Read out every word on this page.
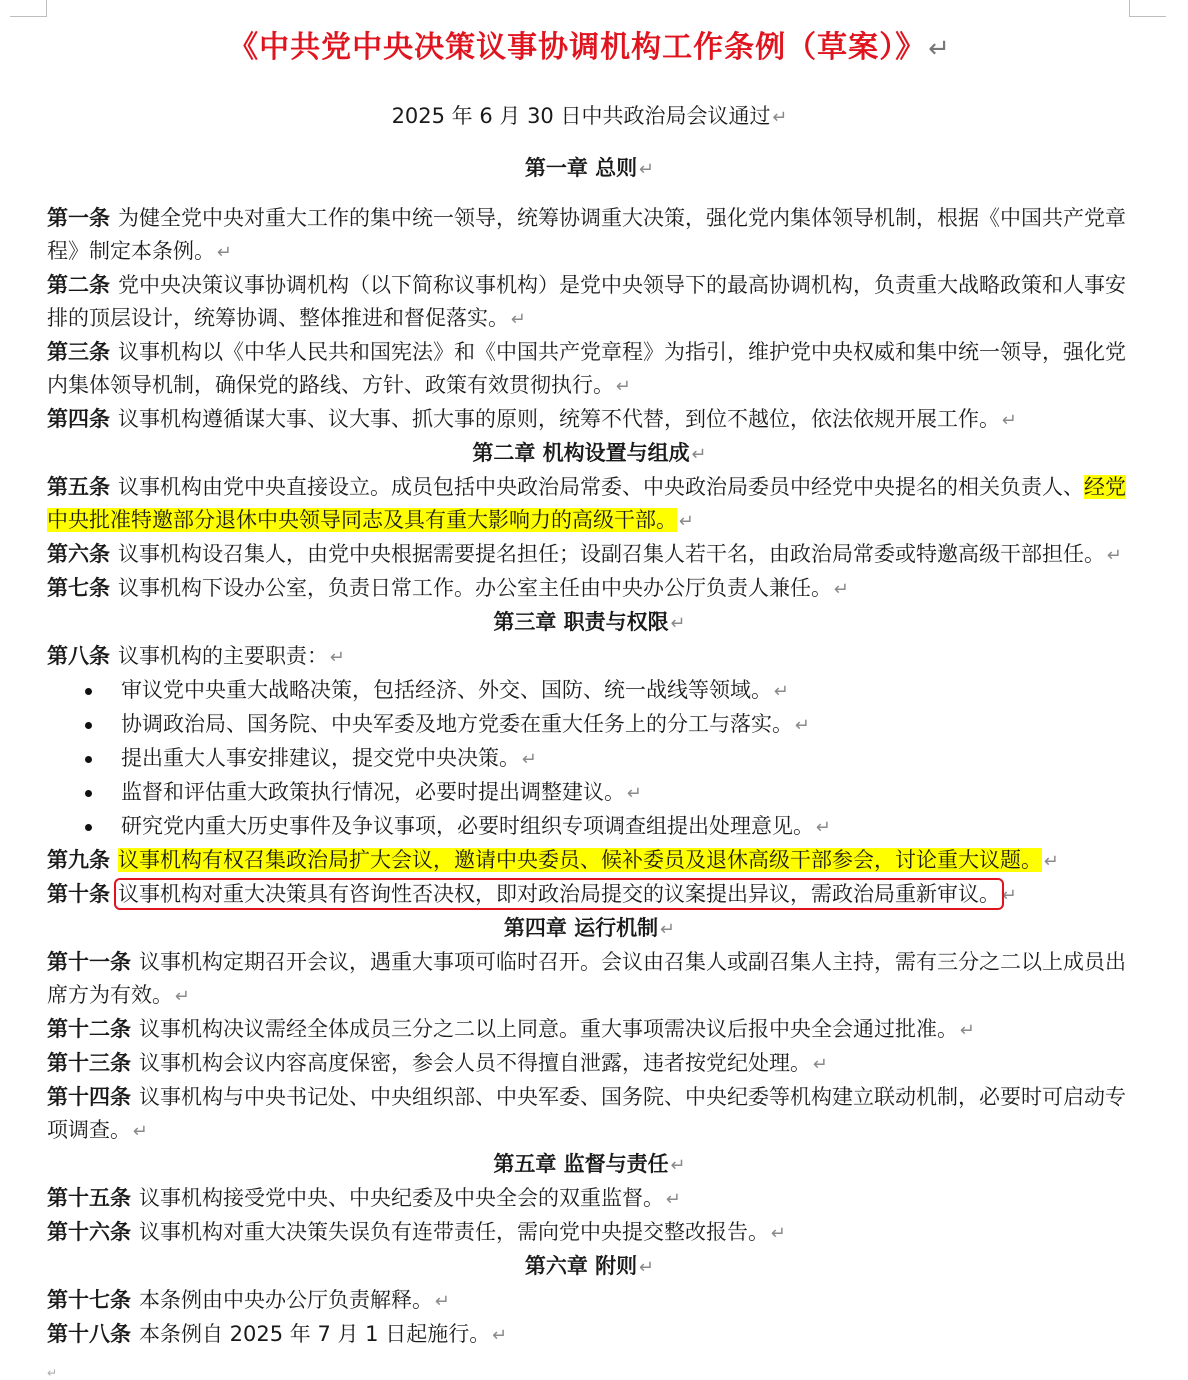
《中共党中央决策议事协调机构工作条例（草案）》↵
2025 年 6 月 30 日中共政治局会议通过 ↵
第一章 总则 ↵
第一条 为健全党中央对重大工作的集中统一领导，统筹协调重大决策，强化党内集体领导机制，根据《中国共产党章程》制定本条例。 ↵
第二条 党中央决策议事协调机构（以下简称议事机构）是党中央领导下的最高协调机构，负责重大战略政策和人事安排的顶层设计，统筹协调、整体推进和督促落实。 ↵
第三条 议事机构以《中华人民共和国宪法》和《中国共产党章程》为指引，维护党中央权威和集中统一领导，强化党内集体领导机制，确保党的路线、方针、政策有效贯彻执行。 ↵
第四条 议事机构遵循谋大事、议大事、抓大事的原则，统筹不代替，到位不越位，依法依规开展工作。 ↵
第二章 机构设置与组成 ↵
第五条 议事机构由党中央直接设立。成员包括中央政治局常委、中央政治局委员中经党中央提名的相关负责人、经党中央批准特邀部分退休中央领导同志及具有重大影响力的高级干部。 ↵
第六条 议事机构设召集人，由党中央根据需要提名担任；设副召集人若干名，由政治局常委或特邀高级干部担任。 ↵
第七条 议事机构下设办公室，负责日常工作。办公室主任由中央办公厅负责人兼任。 ↵
第三章 职责与权限 ↵
第八条 议事机构的主要职责： ↵
审议党中央重大战略决策，包括经济、外交、国防、统一战线等领域。 ↵
协调政治局、国务院、中央军委及地方党委在重大任务上的分工与落实。 ↵
提出重大人事安排建议，提交党中央决策。 ↵
监督和评估重大政策执行情况，必要时提出调整建议。 ↵
研究党内重大历史事件及争议事项，必要时组织专项调查组提出处理意见。 ↵
第九条 议事机构有权召集政治局扩大会议，邀请中央委员、候补委员及退休高级干部参会，讨论重大议题。 ↵
第十条 议事机构对重大决策具有咨询性否决权，即对政治局提交的议案提出异议，需政治局重新审议。 ↵
第四章 运行机制 ↵
第十一条 议事机构定期召开会议，遇重大事项可临时召开。会议由召集人或副召集人主持，需有三分之二以上成员出席方为有效。 ↵
第十二条 议事机构决议需经全体成员三分之二以上同意。重大事项需决议后报中央全会通过批准。 ↵
第十三条 议事机构会议内容高度保密，参会人员不得擅自泄露，违者按党纪处理。 ↵
第十四条 议事机构与中央书记处、中央组织部、中央军委、国务院、中央纪委等机构建立联动机制，必要时可启动专项调查。 ↵
第五章 监督与责任 ↵
第十五条 议事机构接受党中央、中央纪委及中央全会的双重监督。 ↵
第十六条 议事机构对重大决策失误负有连带责任，需向党中央提交整改报告。 ↵
第六章 附则 ↵
第十七条 本条例由中央办公厅负责解释。 ↵
第十八条 本条例自 2025 年 7 月 1 日起施行。 ↵
↵
